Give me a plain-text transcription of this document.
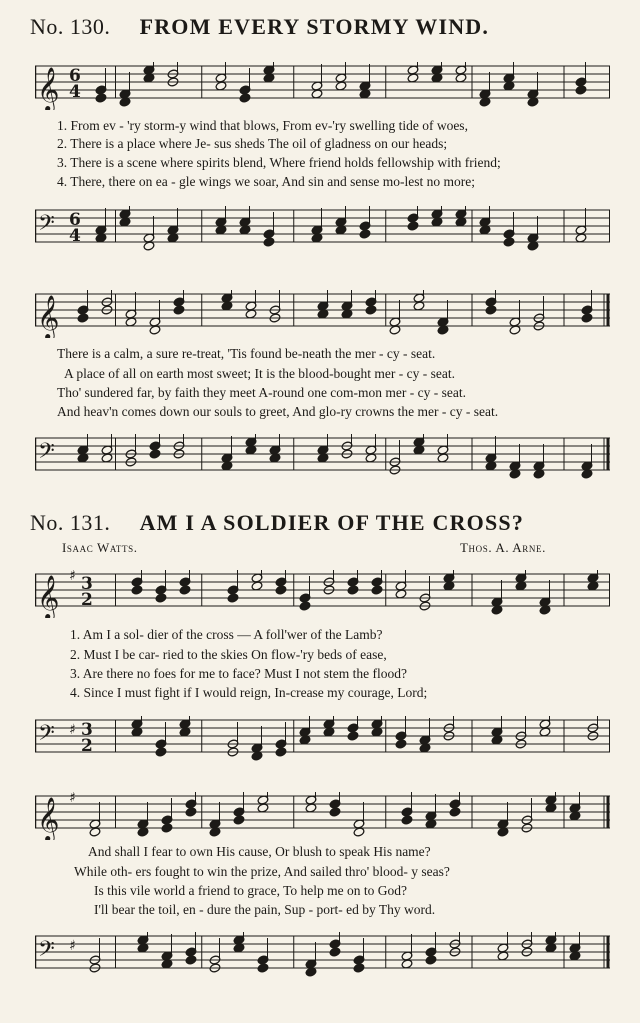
No. 130. FROM EVERY STORMY WIND.
𝄞 6
4
1. From ev - 'ry storm-y wind that blows, From ev-'ry swelling tide of woes,
2. There is a place where Je- sus sheds The oil of gladness on our heads;
3. There is a scene where spirits blend, Where friend holds fellowship with friend;
4. There, there on ea - gle wings we soar, And sin and sense mo-lest no more;
𝄢 6
4
𝄞
There is a calm, a sure re-treat, 'Tis found be-neath the mer - cy - seat.
A place of all on earth most sweet; It is the blood-bought mer - cy - seat.
Tho' sundered far, by faith they meet A-round one com-mon mer - cy - seat.
And heav'n comes down our souls to greet, And glo-ry crowns the mer - cy - seat.
𝄢
No. 131. AM I A SOLDIER OF THE CROSS?
Isaac Watts.	Thos. A. Arne.
𝄞 ♯ 3
2
1. Am I a sol- dier of the cross — A foll'wer of the Lamb?
2. Must I be car- ried to the skies On flow-'ry beds of ease,
3. Are there no foes for me to face? Must I not stem the flood?
4. Since I must fight if I would reign, In-crease my courage, Lord;
𝄢 ♯ 3
2
𝄞 ♯
And shall I fear to own His cause, Or blush to speak His name?
While oth- ers fought to win the prize, And sailed thro' blood- y seas?
Is this vile world a friend to grace, To help me on to God?
I'll bear the toil, en - dure the pain, Sup - port- ed by Thy word.
𝄢 ♯
